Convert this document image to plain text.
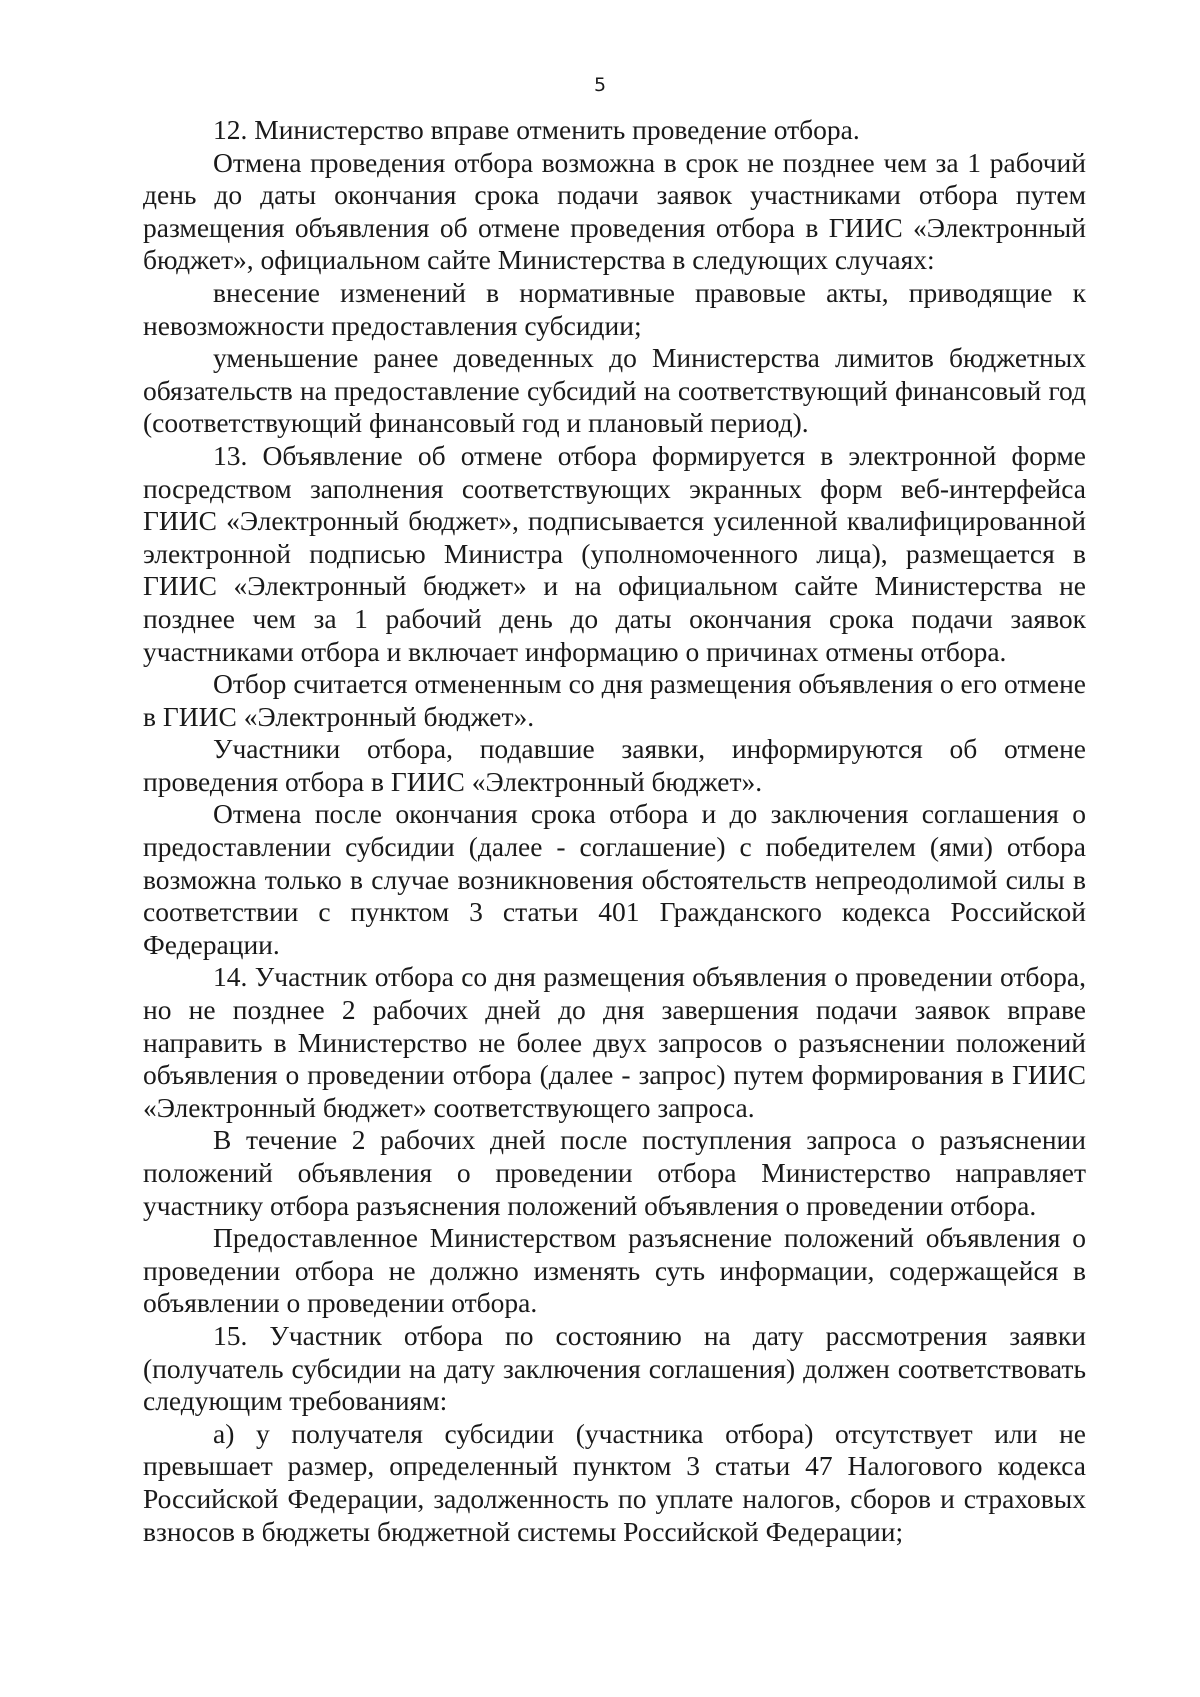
5

12. Министерство вправе отменить проведение отбора.

Отмена проведения отбора возможна в срок не позднее чем за 1 рабочий день до даты окончания срока подачи заявок участниками отбора путем размещения объявления об отмене проведения отбора в ГИИС «Электронный бюджет», официальном сайте Министерства в следующих случаях:

внесение изменений в нормативные правовые акты, приводящие к невозможности предоставления субсидии;

уменьшение ранее доведенных до Министерства лимитов бюджетных обязательств на предоставление субсидий на соответствующий финансовый год (соответствующий финансовый год и плановый период).

13. Объявление об отмене отбора формируется в электронной форме посредством заполнения соответствующих экранных форм веб-интерфейса ГИИС «Электронный бюджет», подписывается усиленной квалифицированной электронной подписью Министра (уполномоченного лица), размещается в ГИИС «Электронный бюджет» и на официальном сайте Министерства не позднее чем за 1 рабочий день до даты окончания срока подачи заявок участниками отбора и включает информацию о причинах отмены отбора.

Отбор считается отмененным со дня размещения объявления о его отмене в ГИИС «Электронный бюджет».

Участники отбора, подавшие заявки, информируются об отмене проведения отбора в ГИИС «Электронный бюджет».

Отмена после окончания срока отбора и до заключения соглашения о предоставлении субсидии (далее - соглашение) с победителем (ями) отбора возможна только в случае возникновения обстоятельств непреодолимой силы в соответствии с пунктом 3 статьи 401 Гражданского кодекса Российской Федерации.

14. Участник отбора со дня размещения объявления о проведении отбора, но не позднее 2 рабочих дней до дня завершения подачи заявок вправе направить в Министерство не более двух запросов о разъяснении положений объявления о проведении отбора (далее - запрос) путем формирования в ГИИС «Электронный бюджет» соответствующего запроса.

В течение 2 рабочих дней после поступления запроса о разъяснении положений объявления о проведении отбора Министерство направляет участнику отбора разъяснения положений объявления о проведении отбора.

Предоставленное Министерством разъяснение положений объявления о проведении отбора не должно изменять суть информации, содержащейся в объявлении о проведении отбора.

15. Участник отбора по состоянию на дату рассмотрения заявки (получатель субсидии на дату заключения соглашения) должен соответствовать следующим требованиям:

а) у получателя субсидии (участника отбора) отсутствует или не превышает размер, определенный пунктом 3 статьи 47 Налогового кодекса Российской Федерации, задолженность по уплате налогов, сборов и страховых взносов в бюджеты бюджетной системы Российской Федерации;
